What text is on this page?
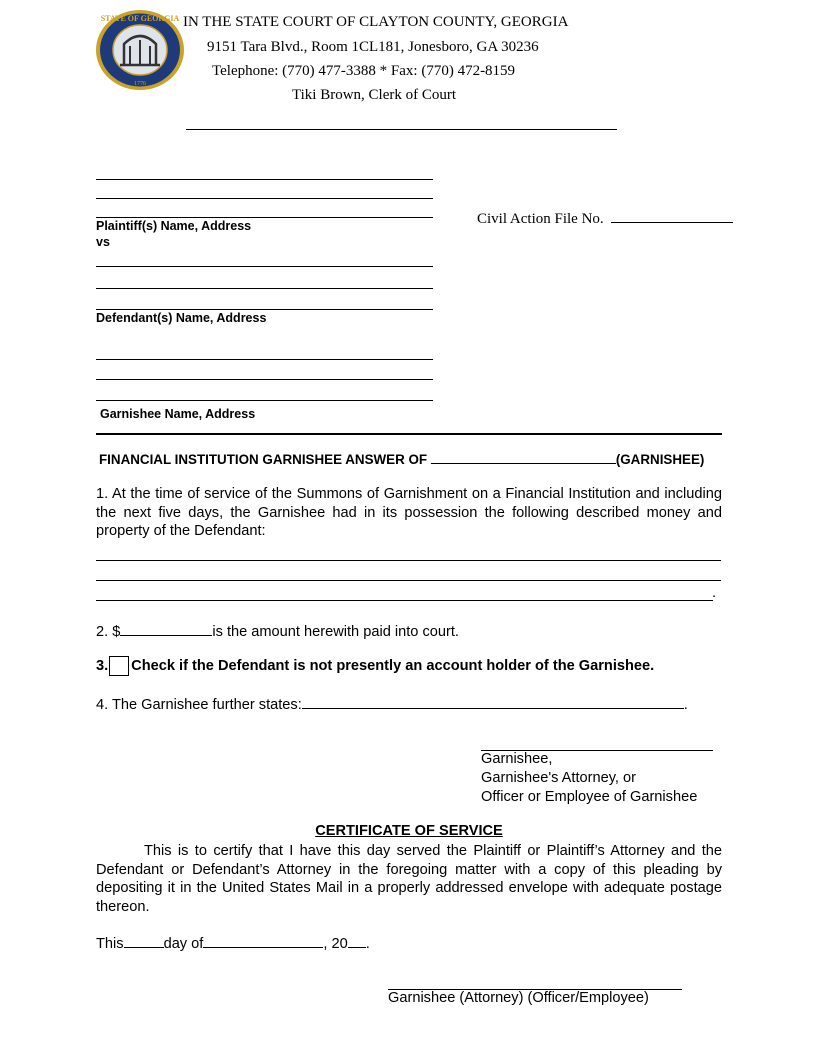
STATE OF GEORGIA
1776
IN THE STATE COURT OF CLAYTON COUNTY, GEORGIA
9151 Tara Blvd., Room 1CL181, Jonesboro, GA 30236
Telephone: (770) 477-3388 * Fax: (770) 472-8159
Tiki Brown, Clerk of Court
Plaintiff(s) Name, Address
vs
Civil Action File No.
Defendant(s) Name, Address
Garnishee Name, Address
FINANCIAL INSTITUTION GARNISHEE ANSWER OF	(GARNISHEE)
1. At the time of service of the Summons of Garnishment on a Financial Institution and including the next five days, the Garnishee had in its possession the following described money and property of the Defendant:
.
2. $	is the amount herewith paid into court.
3. Check if the Defendant is not presently an account holder of the Garnishee.
4. The Garnishee further states:	.
Garnishee,
Garnishee's Attorney, or
Officer or Employee of Garnishee
CERTIFICATE OF SERVICE
This is to certify that I have this day served the Plaintiff or Plaintiff’s Attorney and the Defendant or Defendant’s Attorney in the foregoing matter with a copy of this pleading by depositing it in the United States Mail in a properly addressed envelope with adequate postage thereon.
This	day of	, 20 .
Garnishee (Attorney) (Officer/Employee)
